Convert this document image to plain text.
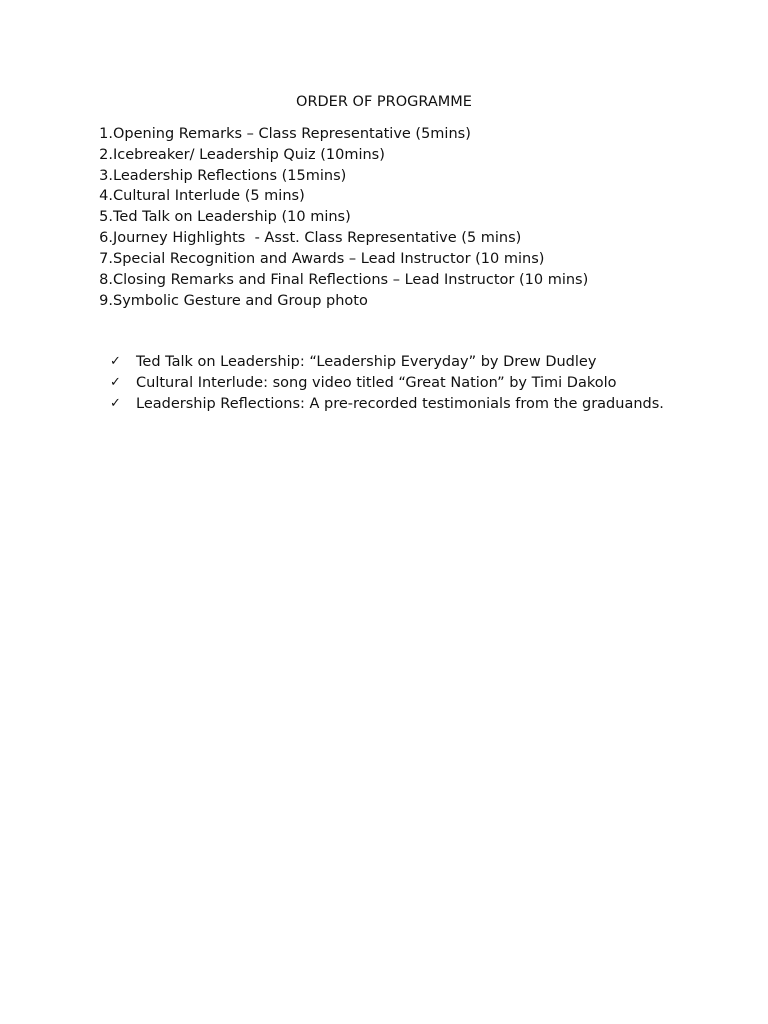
ORDER OF PROGRAMME
1. Opening Remarks – Class Representative (5mins)
2. Icebreaker/ Leadership Quiz (10mins)
3. Leadership Reflections (15mins)
4. Cultural Interlude (5 mins)
5. Ted Talk on Leadership (10 mins)
6. Journey Highlights  - Asst. Class Representative (5 mins)
7. Special Recognition and Awards – Lead Instructor (10 mins)
8. Closing Remarks and Final Reflections – Lead Instructor (10 mins)
9. Symbolic Gesture and Group photo
✓	Ted Talk on Leadership: “Leadership Everyday” by Drew Dudley
✓	Cultural Interlude: song video titled “Great Nation” by Timi Dakolo
✓	Leadership Reflections: A pre-recorded testimonials from the graduands.
